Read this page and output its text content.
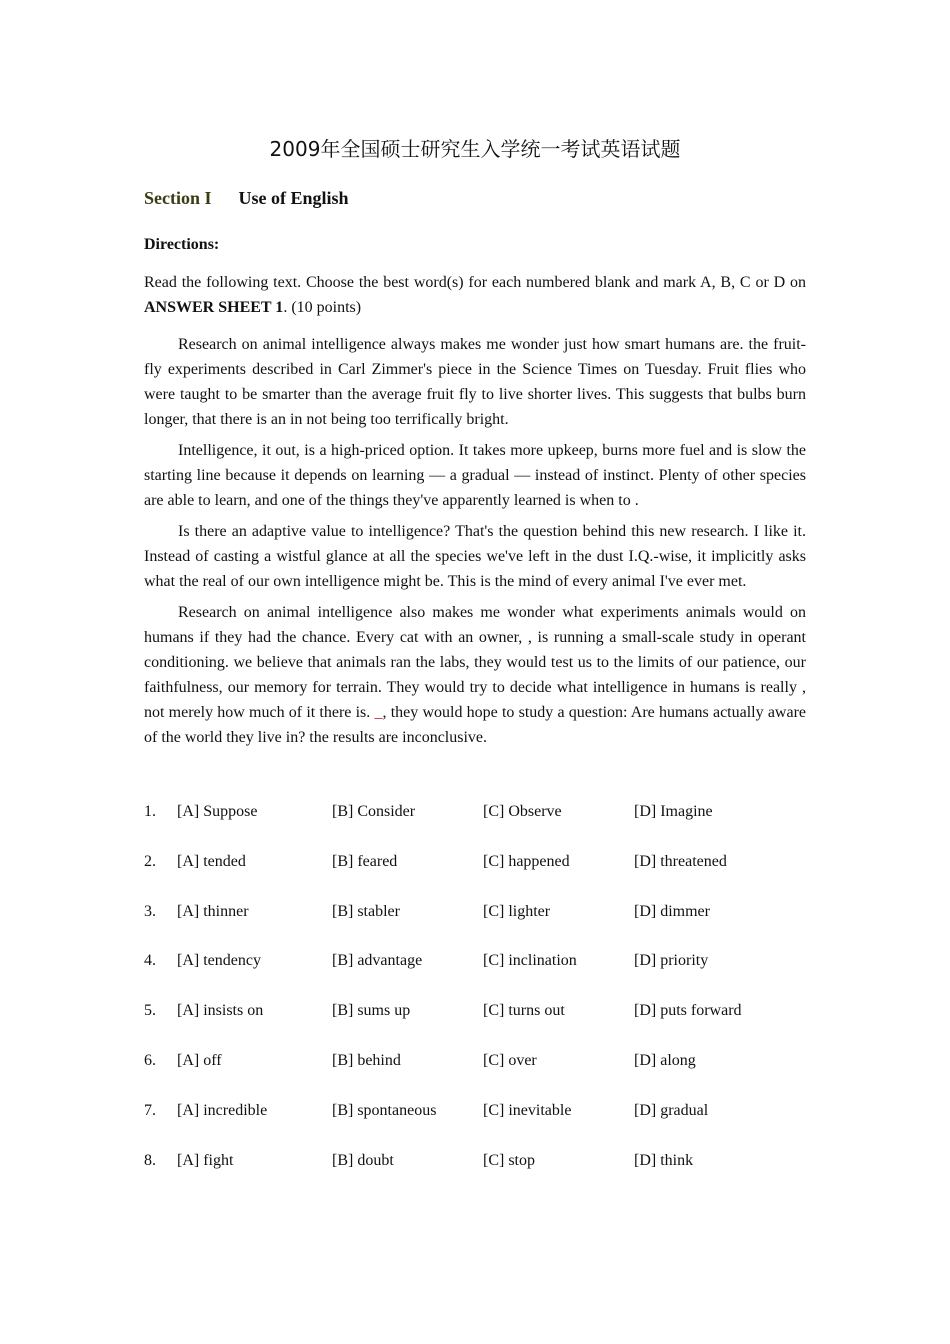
2009年全国硕士研究生入学统一考试英语试题
Section I Use of English
Directions:
Read the following text. Choose the best word(s) for each numbered blank and mark A, B, C or D on ANSWER SHEET 1. (10 points)

Research on animal intelligence always makes me wonder just how smart humans are. the fruit-fly experiments described in Carl Zimmer's piece in the Science Times on Tuesday. Fruit flies who were taught to be smarter than the average fruit fly to live shorter lives. This suggests that bulbs burn longer, that there is an in not being too terrifically bright.

Intelligence, it out, is a high-priced option. It takes more upkeep, burns more fuel and is slow the starting line because it depends on learning — a gradual — instead of instinct. Plenty of other species are able to learn, and one of the things they've apparently learned is when to .

Is there an adaptive value to intelligence? That's the question behind this new research. I like it. Instead of casting a wistful glance at all the species we've left in the dust I.Q.-wise, it implicitly asks what the real of our own intelligence might be. This is the mind of every animal I've ever met.

Research on animal intelligence also makes me wonder what experiments animals would on humans if they had the chance. Every cat with an owner, , is running a small-scale study in operant conditioning. we believe that animals ran the labs, they would test us to the limits of our patience, our faithfulness, our memory for terrain. They would try to decide what intelligence in humans is really , not merely how much of it there is. _, they would hope to study a question: Are humans actually aware of the world they live in? the results are inconclusive.

1. [A] Suppose	[B] Consider	[C] Observe	[D] Imagine
2. [A] tended	[B] feared	[C] happened	[D] threatened
3. [A] thinner	[B] stabler	[C] lighter	[D] dimmer
4. [A] tendency	[B] advantage	[C] inclination	[D] priority
5. [A] insists on	[B] sums up	[C] turns out	[D] puts forward
6. [A] off	[B] behind	[C] over	[D] along
7. [A] incredible	[B] spontaneous	[C] inevitable	[D] gradual
8. [A] fight	[B] doubt	[C] stop	[D] think
